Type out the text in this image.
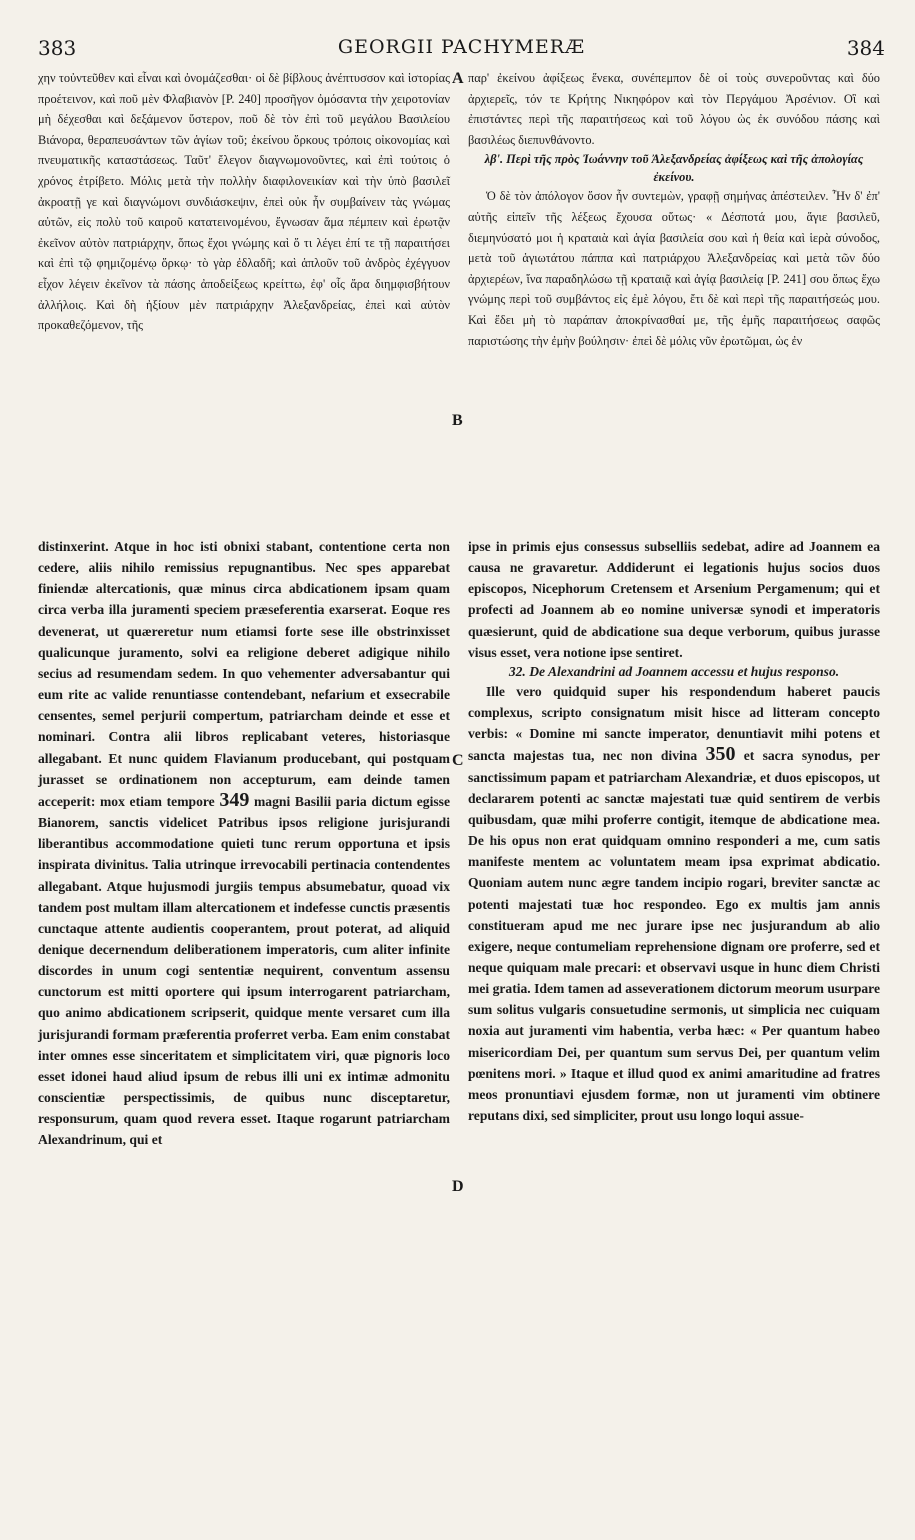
383	GEORGII PACHYMERÆ	384

χην τοὐντεῦθεν καὶ εἶναι καὶ ὀνομάζεσθαι· οἱ δὲ βίβλους ἀνέπτυσσον καὶ ἱστορίας προέτεινον, καὶ ποῦ μὲν Φλαβιανὸν [P. 240] προσῆγον ὀμόσαντα τὴν χειροτονίαν μὴ δέχεσθαι καὶ δεξάμενον ὕστερον, ποῦ δὲ τὸν ἐπὶ τοῦ μεγάλου Βασιλείου Βιάνορα, θεραπευσάντων τῶν ἁγίων τοῦ; ἐκείνου ὅρκους τρόποις οἰκονομίας καὶ πνευματικῆς καταστάσεως. Ταῦτ' ἔλεγον διαγνωμονοῦντες, καὶ ἐπὶ τούτοις ὁ χρόνος ἐτρίβετο. Μόλις μετὰ τὴν πολλὴν διαφιλονεικίαν καὶ τὴν ὑπὸ βασιλεῖ ἀκροατῇ γε καὶ διαγνώμονι συνδιάσκεψιν, ἐπεὶ οὐκ ἦν συμβαίνειν τὰς γνώμας αὐτῶν, εἰς πολὺ τοῦ καιροῦ κατατεινομένου, ἔγνωσαν ἅμα πέμπειν καὶ ἐρωτᾷν ἐκεῖνον αὐτὸν πατριάρχην, ὅπως ἔχοι γνώμης καὶ ὅ τι λέγει ἐπί τε τῇ παραιτήσει καὶ ἐπὶ τῷ φημιζομένῳ ὅρκῳ· τὸ γὰρ ἐδλαδῆ; καὶ ἁπλοῦν τοῦ ἀνδρὸς ἐχέγγυον εἶχον λέγειν ἐκεῖνον τὰ πάσης ἀποδείξεως κρείττω, ἐφ' οἷς ἄρα διημφισβήτουν ἀλλήλοις. Καὶ δὴ ἠξίουν μὲν πατριάρχην Ἀλεξανδρείας, ἐπεὶ καὶ αὐτὸν προκαθεζόμενον, τῆς

παρ' ἐκείνου ἀφίξεως ἕνεκα, συνέπεμπον δὲ οἱ τοὺς συνεροῦντας καὶ δύο ἀρχιερεῖς, τόν τε Κρήτης Νικηφόρον καὶ τὸν Περγάμου Ἀρσένιον. Οἳ καὶ ἐπιστάντες περὶ τῆς παραιτήσεως καὶ τοῦ λόγου ὡς ἐκ συνόδου πάσης καὶ βασιλέως διεπυνθάνοντο.

λβ'. Περὶ τῆς πρὸς Ἰωάννην τοῦ Ἀλεξανδρείας ἀφίξεως καὶ τῆς ἀπολογίας ἐκείνου.

Ὁ δὲ τὸν ἀπόλογον ὅσον ἦν συντεμὼν, γραφῇ σημήνας ἀπέστειλεν. Ἦν δ' ἐπ' αὐτῆς εἰπεῖν τῆς λέξεως ἔχουσα οὕτως· « Δέσποτά μου, ἅγιε βασιλεῦ, διεμηνύσατό μοι ἡ κραταιὰ καὶ ἁγία βασιλεία σου καὶ ἡ θεία καὶ ἱερὰ σύνοδος, μετὰ τοῦ ἁγιωτάτου πάππα καὶ πατριάρχου Ἀλεξανδρείας καὶ μετὰ τῶν δύο ἀρχιερέων, ἵνα παραδηλώσω τῇ κραταιᾷ καὶ ἁγίᾳ βασιλείᾳ [P. 241] σου ὅπως ἔχω γνώμης περὶ τοῦ συμβάντος εἰς ἐμὲ λόγου, ἔτι δὲ καὶ περὶ τῆς παραιτήσεώς μου. Καὶ ἔδει μὴ τὸ παράπαν ἀποκρίνασθαί με, τῆς ἐμῆς παραιτήσεως σαφῶς παριστώσης τὴν ἐμὴν βούλησιν· ἐπεὶ δὲ μόλις νῦν ἐρωτῶμαι, ὡς ἐν

distinxerint. Atque in hoc isti obnixi stabant, contentione certa non cedere, aliis nihilo remissius repugnantibus. Nec spes apparebat finiendæ altercationis, quæ minus circa abdicationem ipsam quam circa verba illa juramenti speciem præseferentia exarserat. Eoque res devenerat, ut quæreretur num etiamsi forte sese ille obstrinxisset qualicunque juramento, solvi ea religione deberet adigique nihilo secius ad resumendam sedem. In quo vehementer adversabantur qui eum rite ac valide renuntiasse contendebant, nefarium et exsecrabile censentes, semel perjurii compertum, patriarcham deinde et esse et nominari. Contra alii libros replicabant veteres, historiasque allegabant. Et nunc quidem Flavianum producebant, qui postquam jurasset se ordinationem non accepturum, eam deinde tamen acceperit: mox etiam tempore 349 magni Basilii paria dictum egisse Bianorem, sanctis videlicet Patribus ipsos religione jurisjurandi liberantibus accommodatione quieti tunc rerum opportuna et ipsis inspirata divinitus. Talia utrinque irrevocabili pertinacia contendentes allegabant. Atque hujusmodi jurgiis tempus absumebatur, quoad vix tandem post multam illam altercationem et indefesse cunctis præsentis cunctaque attente audientis cooperantem, prout poterat, ad aliquid denique decernendum deliberationem imperatoris, cum aliter infinite discordes in unum cogi sententiæ nequirent, conventum assensu cunctorum est mitti oportere qui ipsum interrogarent patriarcham, quo animo abdicationem scripserit, quidque mente versaret cum illa jurisjurandi formam præferentia proferret verba. Eam enim constabat inter omnes esse sinceritatem et simplicitatem viri, quæ pignoris loco esset idonei haud aliud ipsum de rebus illi uni ex intimæ admonitu conscientiæ perspectissimis, de quibus nunc disceptaretur, responsurum, quam quod revera esset. Itaque rogarunt patriarcham Alexandrinum, qui et

ipse in primis ejus consessus subselliis sedebat, adire ad Joannem ea causa ne gravaretur. Addiderunt ei legationis hujus socios duos episcopos, Nicephorum Cretensem et Arsenium Pergamenum; qui et profecti ad Joannem ab eo nomine universæ synodi et imperatoris quæsierunt, quid de abdicatione sua deque verborum, quibus jurasse visus esset, vera notione ipse sentiret.

32. De Alexandrini ad Joannem accessu et hujus responso.

Ille vero quidquid super his respondendum haberet paucis complexus, scripto consignatum misit hisce ad litteram concepto verbis: « Domine mi sancte imperator, denuntiavit mihi potens et sancta majestas tua, nec non divina 350 et sacra synodus, per sanctissimum papam et patriarcham Alexandriæ, et duos episcopos, ut declararem potenti ac sanctæ majestati tuæ quid sentirem de verbis quibusdam, quæ mihi proferre contigit, itemque de abdicatione mea. De his opus non erat quidquam omnino responderi a me, cum satis manifeste mentem ac voluntatem meam ipsa exprimat abdicatio. Quoniam autem nunc ægre tandem incipio rogari, breviter sanctæ ac potenti majestati tuæ hoc respondeo. Ego ex multis jam annis constitueram apud me nec jurare ipse nec jusjurandum ab alio exigere, neque contumeliam reprehensione dignam ore proferre, sed et neque quiquam male precari: et observavi usque in hunc diem Christi mei gratia. Idem tamen ad asseverationem dictorum meorum usurpare sum solitus vulgaris consuetudine sermonis, ut simplicia nec cuiquam noxia aut juramenti vim habentia, verba hæc: « Per quantum habeo misericordiam Dei, per quantum sum servus Dei, per quantum velim pœnitens mori. » Itaque et illud quod ex animi amaritudine ad fratres meos pronuntiavi ejusdem formæ, non ut juramenti vim obtinere reputans dixi, sed simpliciter, prout usu longo loqui assue-

A
B
C
D
